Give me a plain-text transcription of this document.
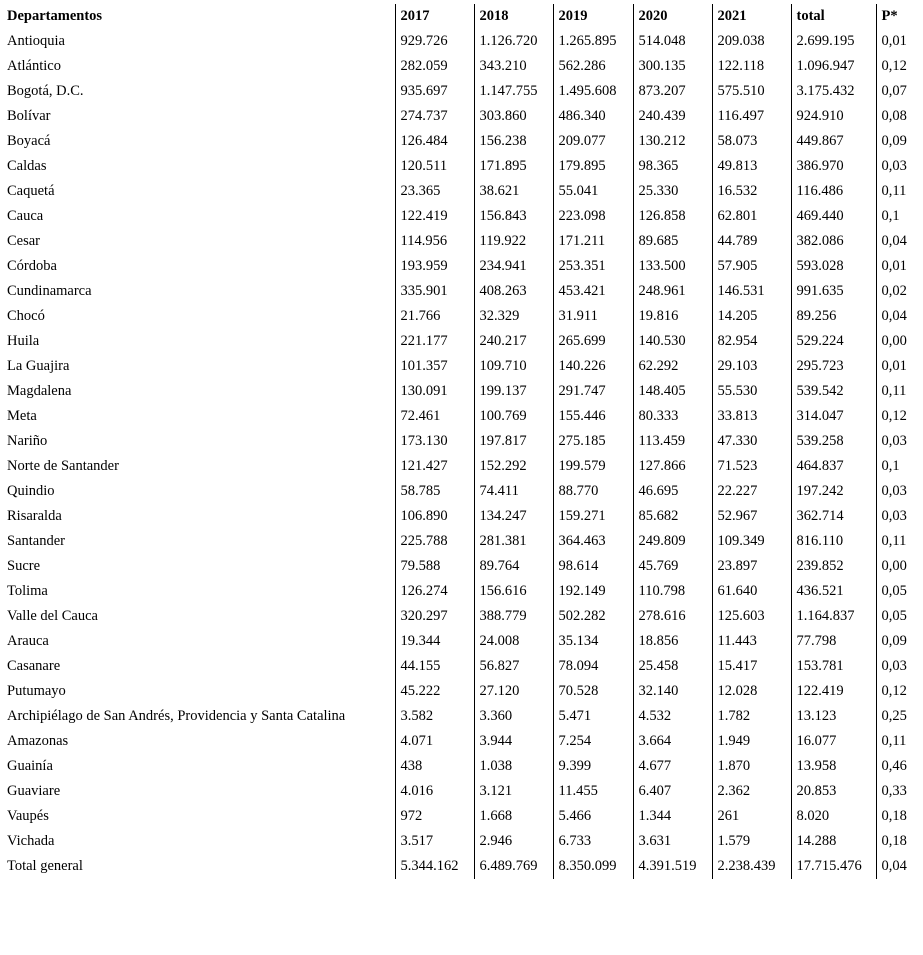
Departamentos	2017	2018	2019	2020	2021	total	P*
Antioquia	929.726	1.126.720	1.265.895	514.048	209.038	2.699.195	0,01
Atlántico	282.059	343.210	562.286	300.135	122.118	1.096.947	0,12
Bogotá, D.C.	935.697	1.147.755	1.495.608	873.207	575.510	3.175.432	0,07
Bolívar	274.737	303.860	486.340	240.439	116.497	924.910	0,08
Boyacá	126.484	156.238	209.077	130.212	58.073	449.867	0,09
Caldas	120.511	171.895	179.895	98.365	49.813	386.970	0,03
Caquetá	23.365	38.621	55.041	25.330	16.532	116.486	0,11
Cauca	122.419	156.843	223.098	126.858	62.801	469.440	0,1
Cesar	114.956	119.922	171.211	89.685	44.789	382.086	0,04
Córdoba	193.959	234.941	253.351	133.500	57.905	593.028	0,01
Cundinamarca	335.901	408.263	453.421	248.961	146.531	991.635	0,02
Chocó	21.766	32.329	31.911	19.816	14.205	89.256	0,04
Huila	221.177	240.217	265.699	140.530	82.954	529.224	0,00
La Guajira	101.357	109.710	140.226	62.292	29.103	295.723	0,01
Magdalena	130.091	199.137	291.747	148.405	55.530	539.542	0,11
Meta	72.461	100.769	155.446	80.333	33.813	314.047	0,12
Nariño	173.130	197.817	275.185	113.459	47.330	539.258	0,03
Norte de Santander	121.427	152.292	199.579	127.866	71.523	464.837	0,1
Quindio	58.785	74.411	88.770	46.695	22.227	197.242	0,03
Risaralda	106.890	134.247	159.271	85.682	52.967	362.714	0,03
Santander	225.788	281.381	364.463	249.809	109.349	816.110	0,11
Sucre	79.588	89.764	98.614	45.769	23.897	239.852	0,00
Tolima	126.274	156.616	192.149	110.798	61.640	436.521	0,05
Valle del Cauca	320.297	388.779	502.282	278.616	125.603	1.164.837	0,05
Arauca	19.344	24.008	35.134	18.856	11.443	77.798	0,09
Casanare	44.155	56.827	78.094	25.458	15.417	153.781	0,03
Putumayo	45.222	27.120	70.528	32.140	12.028	122.419	0,12
Archipiélago de San Andrés, Providencia y Santa Catalina	3.582	3.360	5.471	4.532	1.782	13.123	0,25
Amazonas	4.071	3.944	7.254	3.664	1.949	16.077	0,11
Guainía	438	1.038	9.399	4.677	1.870	13.958	0,46
Guaviare	4.016	3.121	11.455	6.407	2.362	20.853	0,33
Vaupés	972	1.668	5.466	1.344	261	8.020	0,18
Vichada	3.517	2.946	6.733	3.631	1.579	14.288	0,18
Total general	5.344.162	6.489.769	8.350.099	4.391.519	2.238.439	17.715.476	0,04
